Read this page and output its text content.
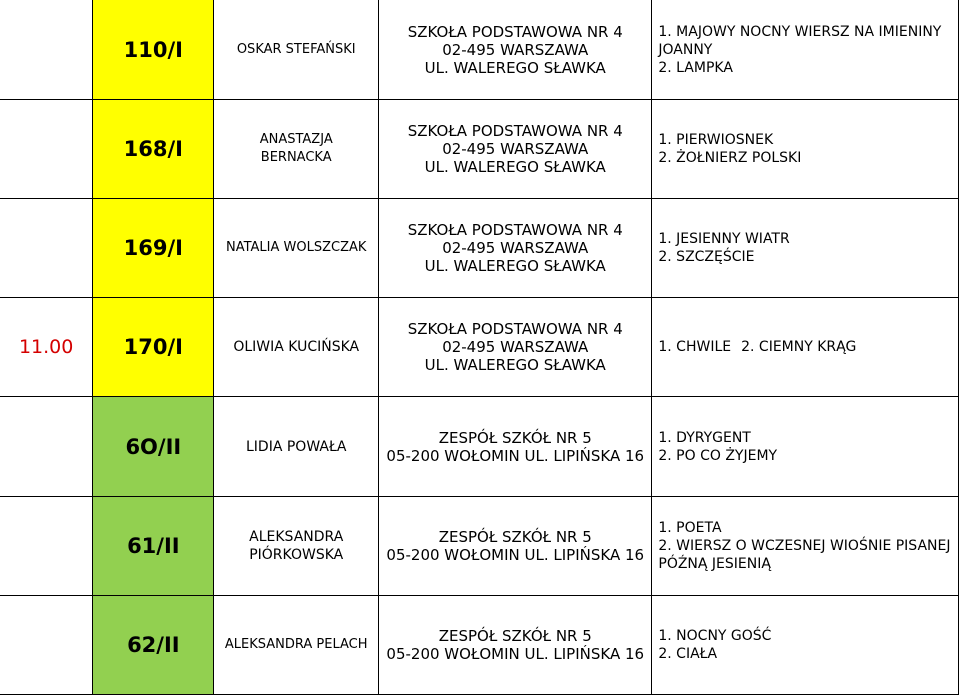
	110/I	OSKAR STEFAŃSKI	SZKOŁA PODSTAWOWA NR 4
02-495 WARSZAWA
UL. WALEREGO SŁAWKA	1. MAJOWY NOCNY WIERSZ NA IMIENINY JOANNY
2. LAMPKA

	168/I	ANASTAZJA
BERNACKA	SZKOŁA PODSTAWOWA NR 4
02-495 WARSZAWA
UL. WALEREGO SŁAWKA	1. PIERWIOSNEK
2. ŻOŁNIERZ POLSKI

	169/I	NATALIA WOLSZCZAK	SZKOŁA PODSTAWOWA NR 4
02-495 WARSZAWA
UL. WALEREGO SŁAWKA	1. JESIENNY WIATR
2. SZCZĘŚCIE

11.00	170/I	OLIWIA KUCIŃSKA	SZKOŁA PODSTAWOWA NR 4
02-495 WARSZAWA
UL. WALEREGO SŁAWKA	1. CHWILE 2. CIEMNY KRĄG
	6O/II	LIDIA POWAŁA	ZESPÓŁ SZKÓŁ NR 5
05-200 WOŁOMIN UL. LIPIŃSKA 16	1. DYRYGENT
2. PO CO ŻYJEMY

	61/II	ALEKSANDRA
PIÓRKOWSKA	ZESPÓŁ SZKÓŁ NR 5
05-200 WOŁOMIN UL. LIPIŃSKA 16	1. POETA
2. WIERSZ O WCZESNEJ WIOŚNIE PISANEJ PÓŹNĄ JESIENIĄ

	62/II	ALEKSANDRA PELACH	ZESPÓŁ SZKÓŁ NR 5
05-200 WOŁOMIN UL. LIPIŃSKA 16	1. NOCNY GOŚĆ
2. CIAŁA
